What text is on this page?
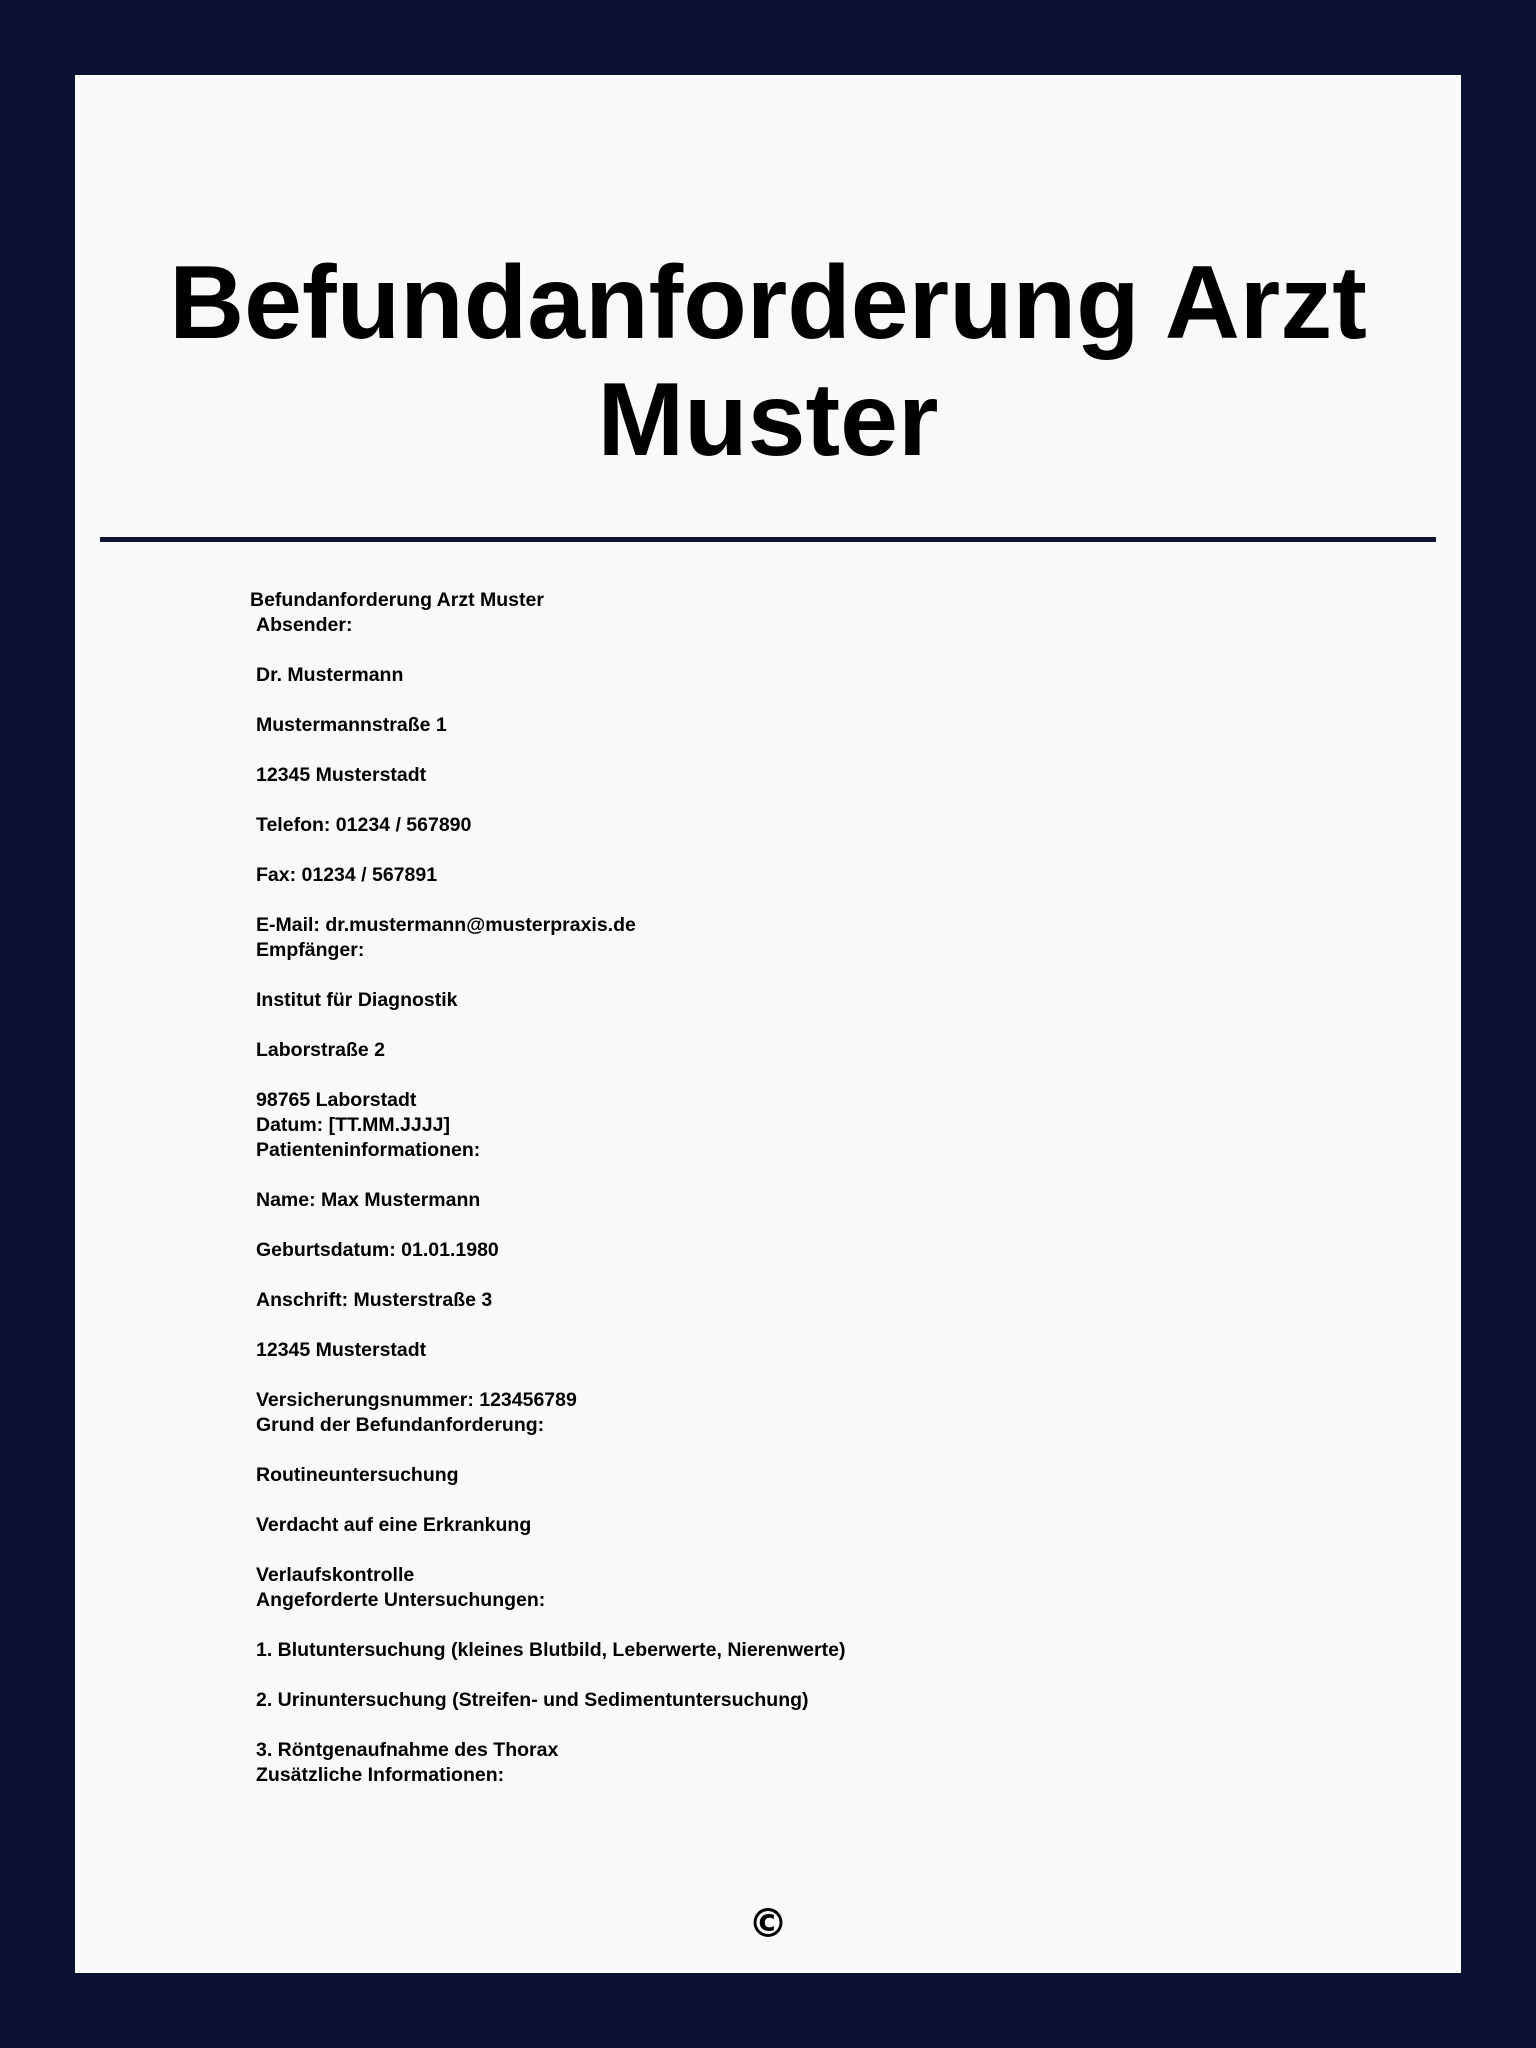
Befundanforderung Arzt Muster
Befundanforderung Arzt Muster
Absender:
Dr. Mustermann
Mustermannstraße 1
12345 Musterstadt
Telefon: 01234 / 567890
Fax: 01234 / 567891
E-Mail: dr.mustermann@musterpraxis.de
Empfänger:
Institut für Diagnostik
Laborstraße 2
98765 Laborstadt
Datum: [TT.MM.JJJJ]
Patienteninformationen:
Name: Max Mustermann
Geburtsdatum: 01.01.1980
Anschrift: Musterstraße 3
12345 Musterstadt
Versicherungsnummer: 123456789
Grund der Befundanforderung:
Routineuntersuchung
Verdacht auf eine Erkrankung
Verlaufskontrolle
Angeforderte Untersuchungen:
1. Blutuntersuchung (kleines Blutbild, Leberwerte, Nierenwerte)
2. Urinuntersuchung (Streifen- und Sedimentuntersuchung)
3. Röntgenaufnahme des Thorax
Zusätzliche Informationen:
©
